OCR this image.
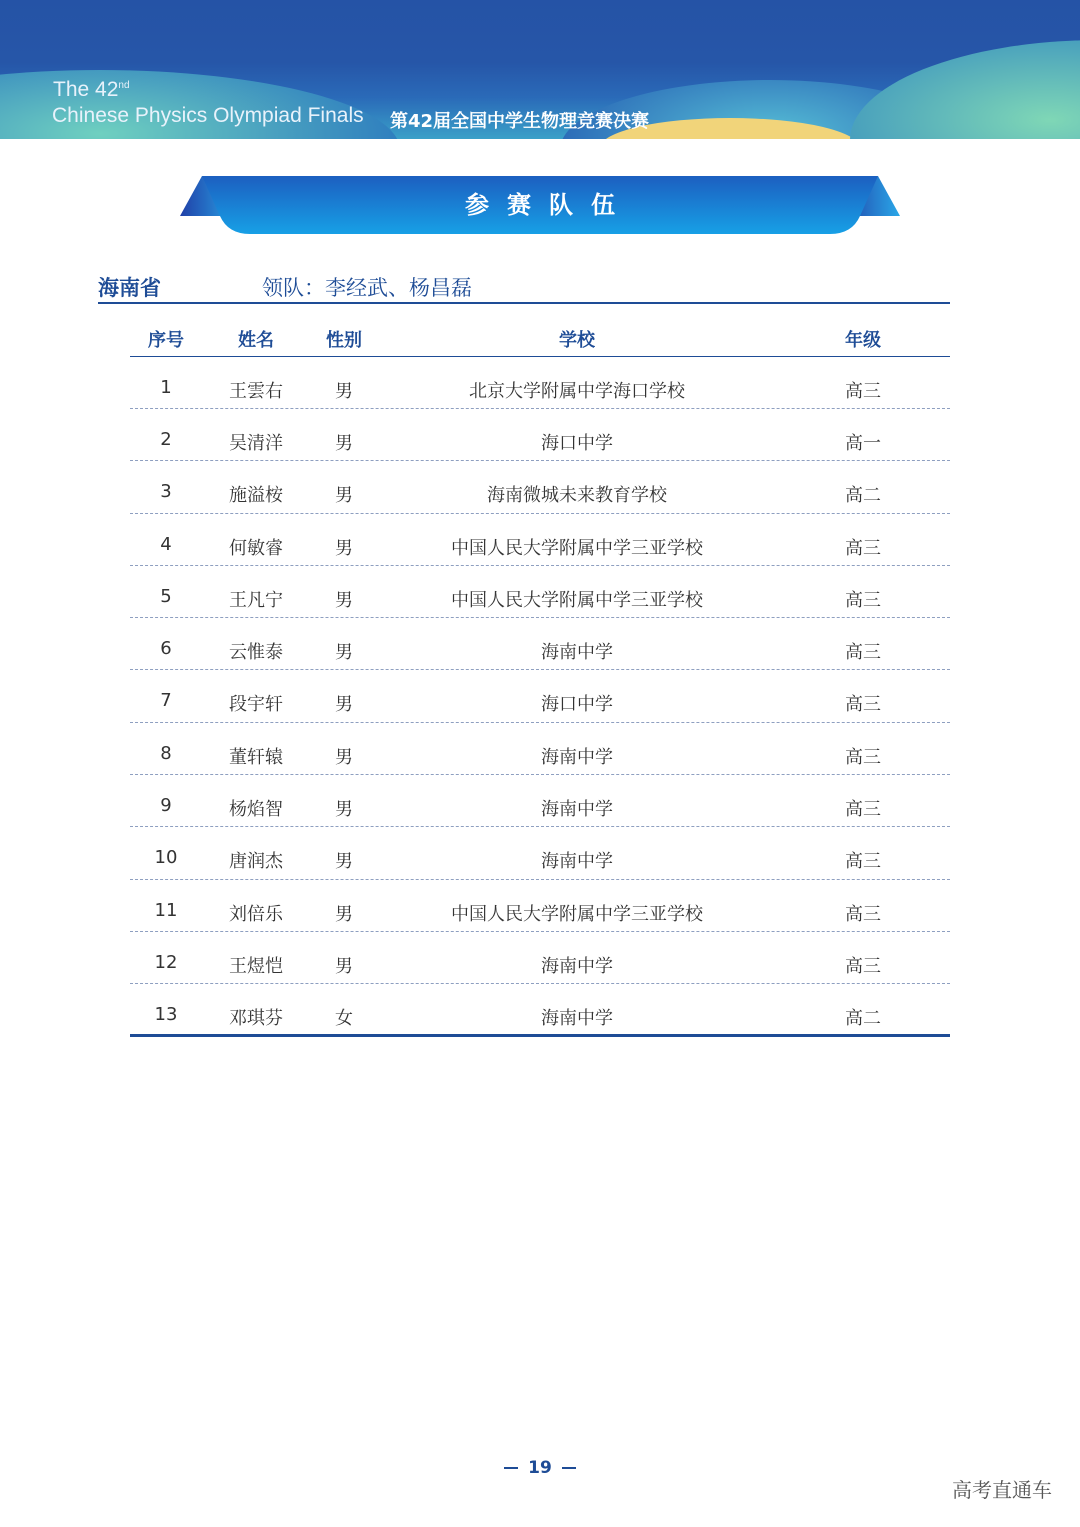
The 42nd
Chinese Physics Olympiad Finals 第42届全国中学生物理竞赛决赛
参赛队伍
海南省	领队：李经武、杨昌磊
序号	姓名	性别	学校	年级
1	王雲右	男	北京大学附属中学海口学校	高三
2	吴清洋	男	海口中学	高一
3	施溢桉	男	海南微城未来教育学校	高二
4	何敏睿	男	中国人民大学附属中学三亚学校	高三
5	王凡宁	男	中国人民大学附属中学三亚学校	高三
6	云惟泰	男	海南中学	高三
7	段宇轩	男	海口中学	高三
8	董轩辕	男	海南中学	高三
9	杨焰智	男	海南中学	高三
10	唐润杰	男	海南中学	高三
11	刘倍乐	男	中国人民大学附属中学三亚学校	高三
12	王煜恺	男	海南中学	高三
13	邓琪芬	女	海南中学	高二
19
高考直通车
